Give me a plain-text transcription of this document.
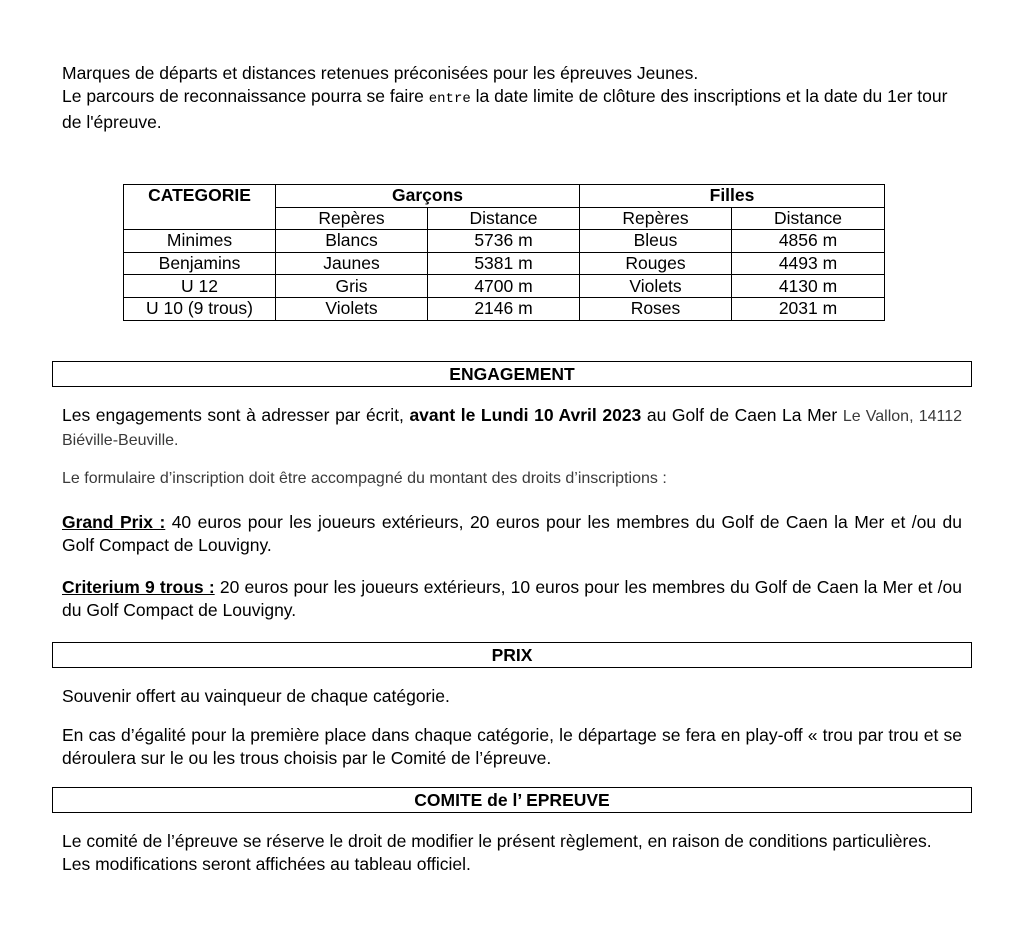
Marques de départs et distances retenues préconisées pour les épreuves Jeunes.
Le parcours de reconnaissance pourra se faire entre la date limite de clôture des inscriptions et la date du 1er tour de l'épreuve.

CATEGORIE	Garçons		Filles	
	Repères	Distance	Repères	Distance
Minimes	Blancs	5736 m	Bleus	4856 m
Benjamins	Jaunes	5381 m	Rouges	4493 m
U 12	Gris	4700 m	Violets	4130 m
U 10 (9 trous)	Violets	2146 m	Roses	2031 m
ENGAGEMENT

Les engagements sont à adresser par écrit, avant le Lundi 10 Avril 2023 au Golf de Caen La Mer Le Vallon, 14112 Biéville-Beuville.

Le formulaire d’inscription doit être accompagné du montant des droits d’inscriptions :

Grand Prix : 40 euros pour les joueurs extérieurs, 20 euros pour les membres du Golf de Caen la Mer et /ou du Golf Compact de Louvigny.

Criterium 9 trous : 20 euros pour les joueurs extérieurs, 10 euros pour les membres du Golf de Caen la Mer et /ou du Golf Compact de Louvigny.

PRIX

Souvenir offert au vainqueur de chaque catégorie.

En cas d’égalité pour la première place dans chaque catégorie, le départage se fera en play-off « trou par trou et se déroulera sur le ou les trous choisis par le Comité de l’épreuve.

COMITE de l’ EPREUVE

Le comité de l’épreuve se réserve le droit de modifier le présent règlement, en raison de conditions particulières. Les modifications seront affichées au tableau officiel.
